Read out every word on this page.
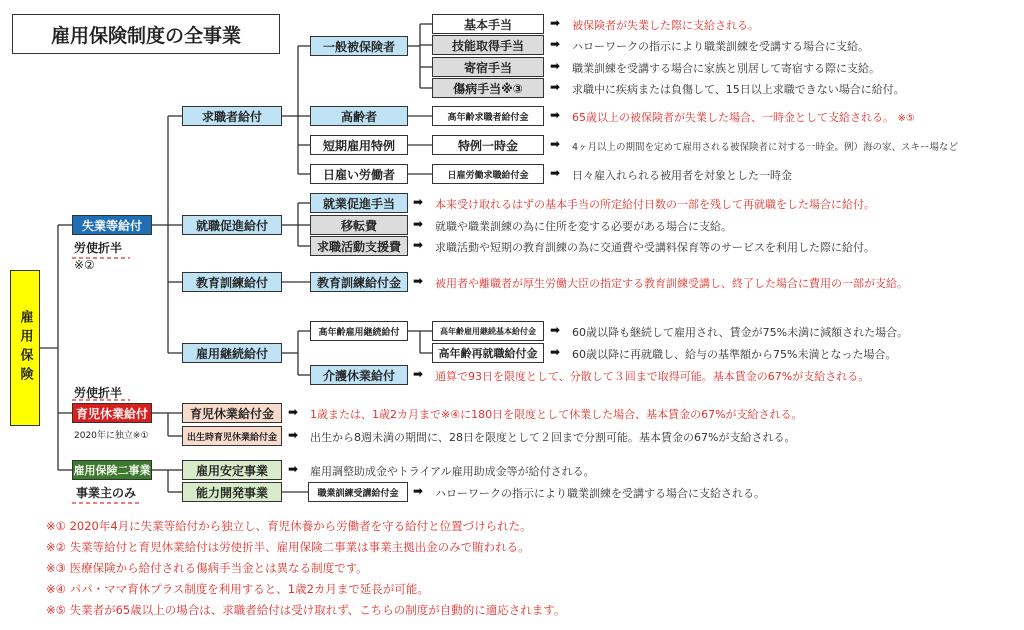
雇用保険制度の全事業
雇用保険
失業等給付
労使折半
※②
労使折半
育児休業給付
2020年に独立※①
雇用保険二事業
事業主のみ
求職者給付
就職促進給付
教育訓練給付
雇用継続給付
育児休業給付金
出生時育児休業給付金
雇用安定事業
能力開発事業
一般被保険者
高齢者
短期雇用特例
日雇い労働者
就業促進手当
移転費
求職活動支援費
教育訓練給付金
高年齢雇用継続給付
介護休業給付
職業訓練受講給付金
基本手当
技能取得手当
寄宿手当
傷病手当※③
高年齢求職者給付金
特例一時金
日雇労働求職給付金
高年齢雇用継続基本給付金
高年齢再就職給付金
➡
➡
➡
➡
➡
➡
➡
➡
➡
➡
➡
➡
➡
➡
➡
➡
➡
➡
被保険者が失業した際に支給される。
ハローワークの指示により職業訓練を受講する場合に支給。
職業訓練を受講する場合に家族と別居して寄宿する際に支給。
求職中に疾病または負傷して、15日以上求職できない場合に給付。
65歳以上の被保険者が失業した場合、一時金として支給される。 ※⑤
4ヶ月以上の期間を定めて雇用される被保険者に対する一時金。例）海の家、スキー場など
日々雇入れられる被用者を対象とした一時金
本来受け取れるはずの基本手当の所定給付日数の一部を残して再就職をした場合に給付。
就職や職業訓練の為に住所を変する必要がある場合に支給。
求職活動や短期の教育訓練の為に交通費や受講料保育等のサービスを利用した際に給付。
被用者や離職者が厚生労働大臣の指定する教育訓練受講し、終了した場合に費用の一部が支給。
60歳以降も継続して雇用され、賃金が75%未満に減額された場合。
60歳以降に再就職し、給与の基準額から75%未満となった場合。
通算で93日を限度として、分散して３回まで取得可能。基本賃金の67%が支給される。
1歳または、1歳2カ月まで※④に180日を限度として休業した場合、基本賃金の67%が支給される。
出生から8週未満の期間に、28日を限度として２回まで分割可能。基本賃金の67%が支給される。
雇用調整助成金やトライアル雇用助成金等が給付される。
ハローワークの指示により職業訓練を受講する場合に支給される。
※① 2020年4月に失業等給付から独立し、育児休養から労働者を守る給付と位置づけられた。
※② 失業等給付と育児休業給付は労使折半、雇用保険二事業は事業主拠出金のみで賄われる。
※③ 医療保険から給付される傷病手当金とは異なる制度です。
※④ パパ・ママ育休プラス制度を利用すると、1歳2カ月まで延長が可能。
※⑤ 失業者が65歳以上の場合は、求職者給付は受け取れず、こちらの制度が自動的に適応されます。
